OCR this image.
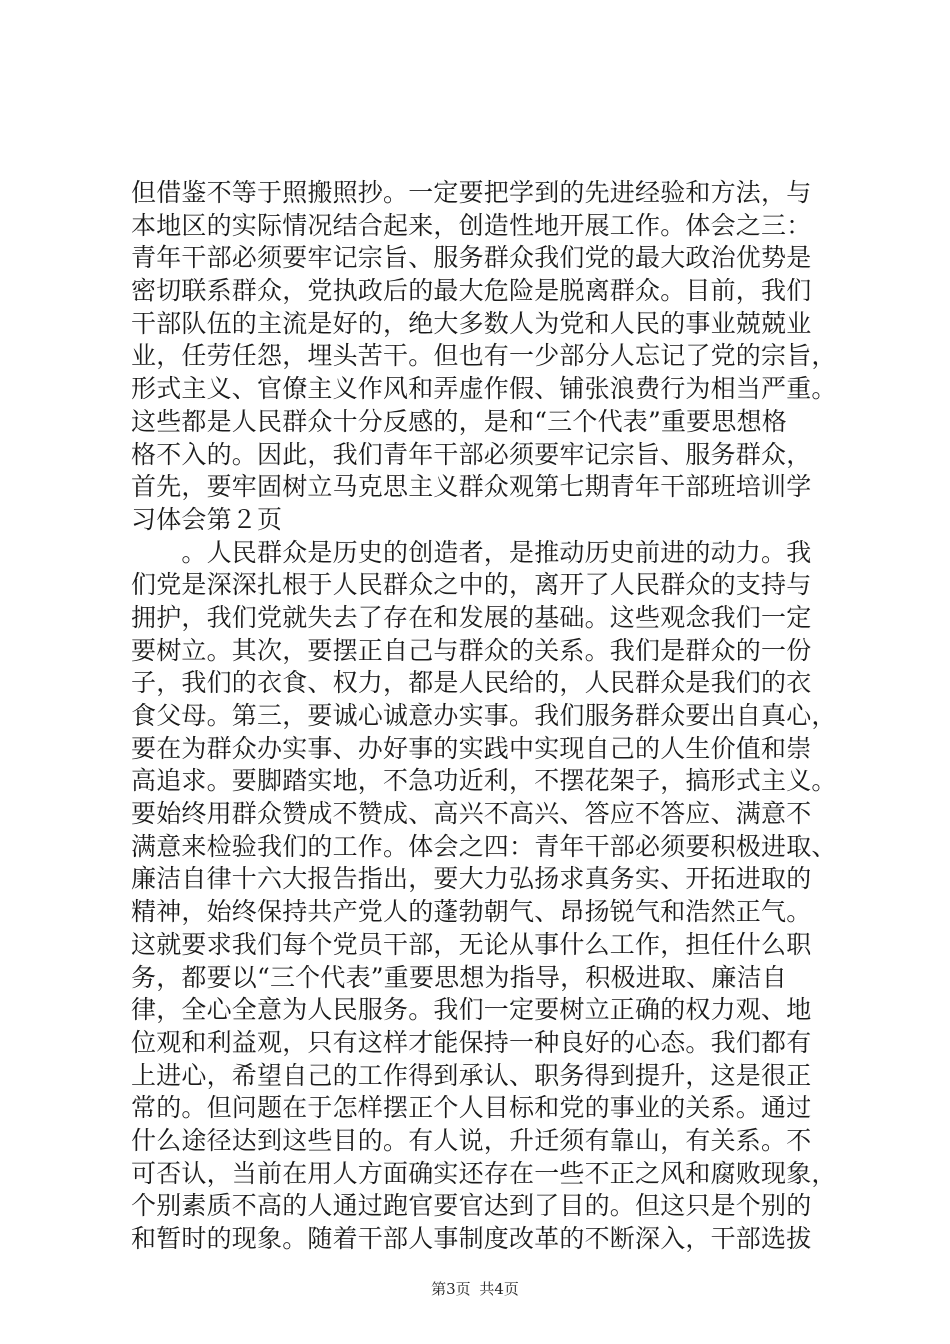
但借鉴不等于照搬照抄。一定要把学到的先进经验和方法，与
本地区的实际情况结合起来，创造性地开展工作。体会之三：
青年干部必须要牢记宗旨、服务群众我们党的最大政治优势是
密切联系群众，党执政后的最大危险是脱离群众。目前，我们
干部队伍的主流是好的，绝大多数人为党和人民的事业兢兢业
业，任劳任怨，埋头苦干。但也有一少部分人忘记了党的宗旨，
形式主义、官僚主义作风和弄虚作假、铺张浪费行为相当严重。
这些都是人民群众十分反感的，是和“三个代表”重要思想格
格不入的。因此，我们青年干部必须要牢记宗旨、服务群众，
首先，要牢固树立马克思主义群众观第七期青年干部班培训学
习体会第２页
　　。人民群众是历史的创造者，是推动历史前进的动力。我
们党是深深扎根于人民群众之中的，离开了人民群众的支持与
拥护，我们党就失去了存在和发展的基础。这些观念我们一定
要树立。其次，要摆正自己与群众的关系。我们是群众的一份
子，我们的衣食、权力，都是人民给的，人民群众是我们的衣
食父母。第三，要诚心诚意办实事。我们服务群众要出自真心，
要在为群众办实事、办好事的实践中实现自己的人生价值和崇
高追求。要脚踏实地，不急功近利，不摆花架子，搞形式主义。
要始终用群众赞成不赞成、高兴不高兴、答应不答应、满意不
满意来检验我们的工作。体会之四：青年干部必须要积极进取、
廉洁自律十六大报告指出，要大力弘扬求真务实、开拓进取的
精神，始终保持共产党人的蓬勃朝气、昂扬锐气和浩然正气。
这就要求我们每个党员干部，无论从事什么工作，担任什么职
务，都要以“三个代表”重要思想为指导，积极进取、廉洁自
律，全心全意为人民服务。我们一定要树立正确的权力观、地
位观和利益观，只有这样才能保持一种良好的心态。我们都有
上进心，希望自己的工作得到承认、职务得到提升，这是很正
常的。但问题在于怎样摆正个人目标和党的事业的关系。通过
什么途径达到这些目的。有人说，升迁须有靠山，有关系。不
可否认，当前在用人方面确实还存在一些不正之风和腐败现象，
个别素质不高的人通过跑官要官达到了目的。但这只是个别的
和暂时的现象。随着干部人事制度改革的不断深入，干部选拔
第3页 共4页
